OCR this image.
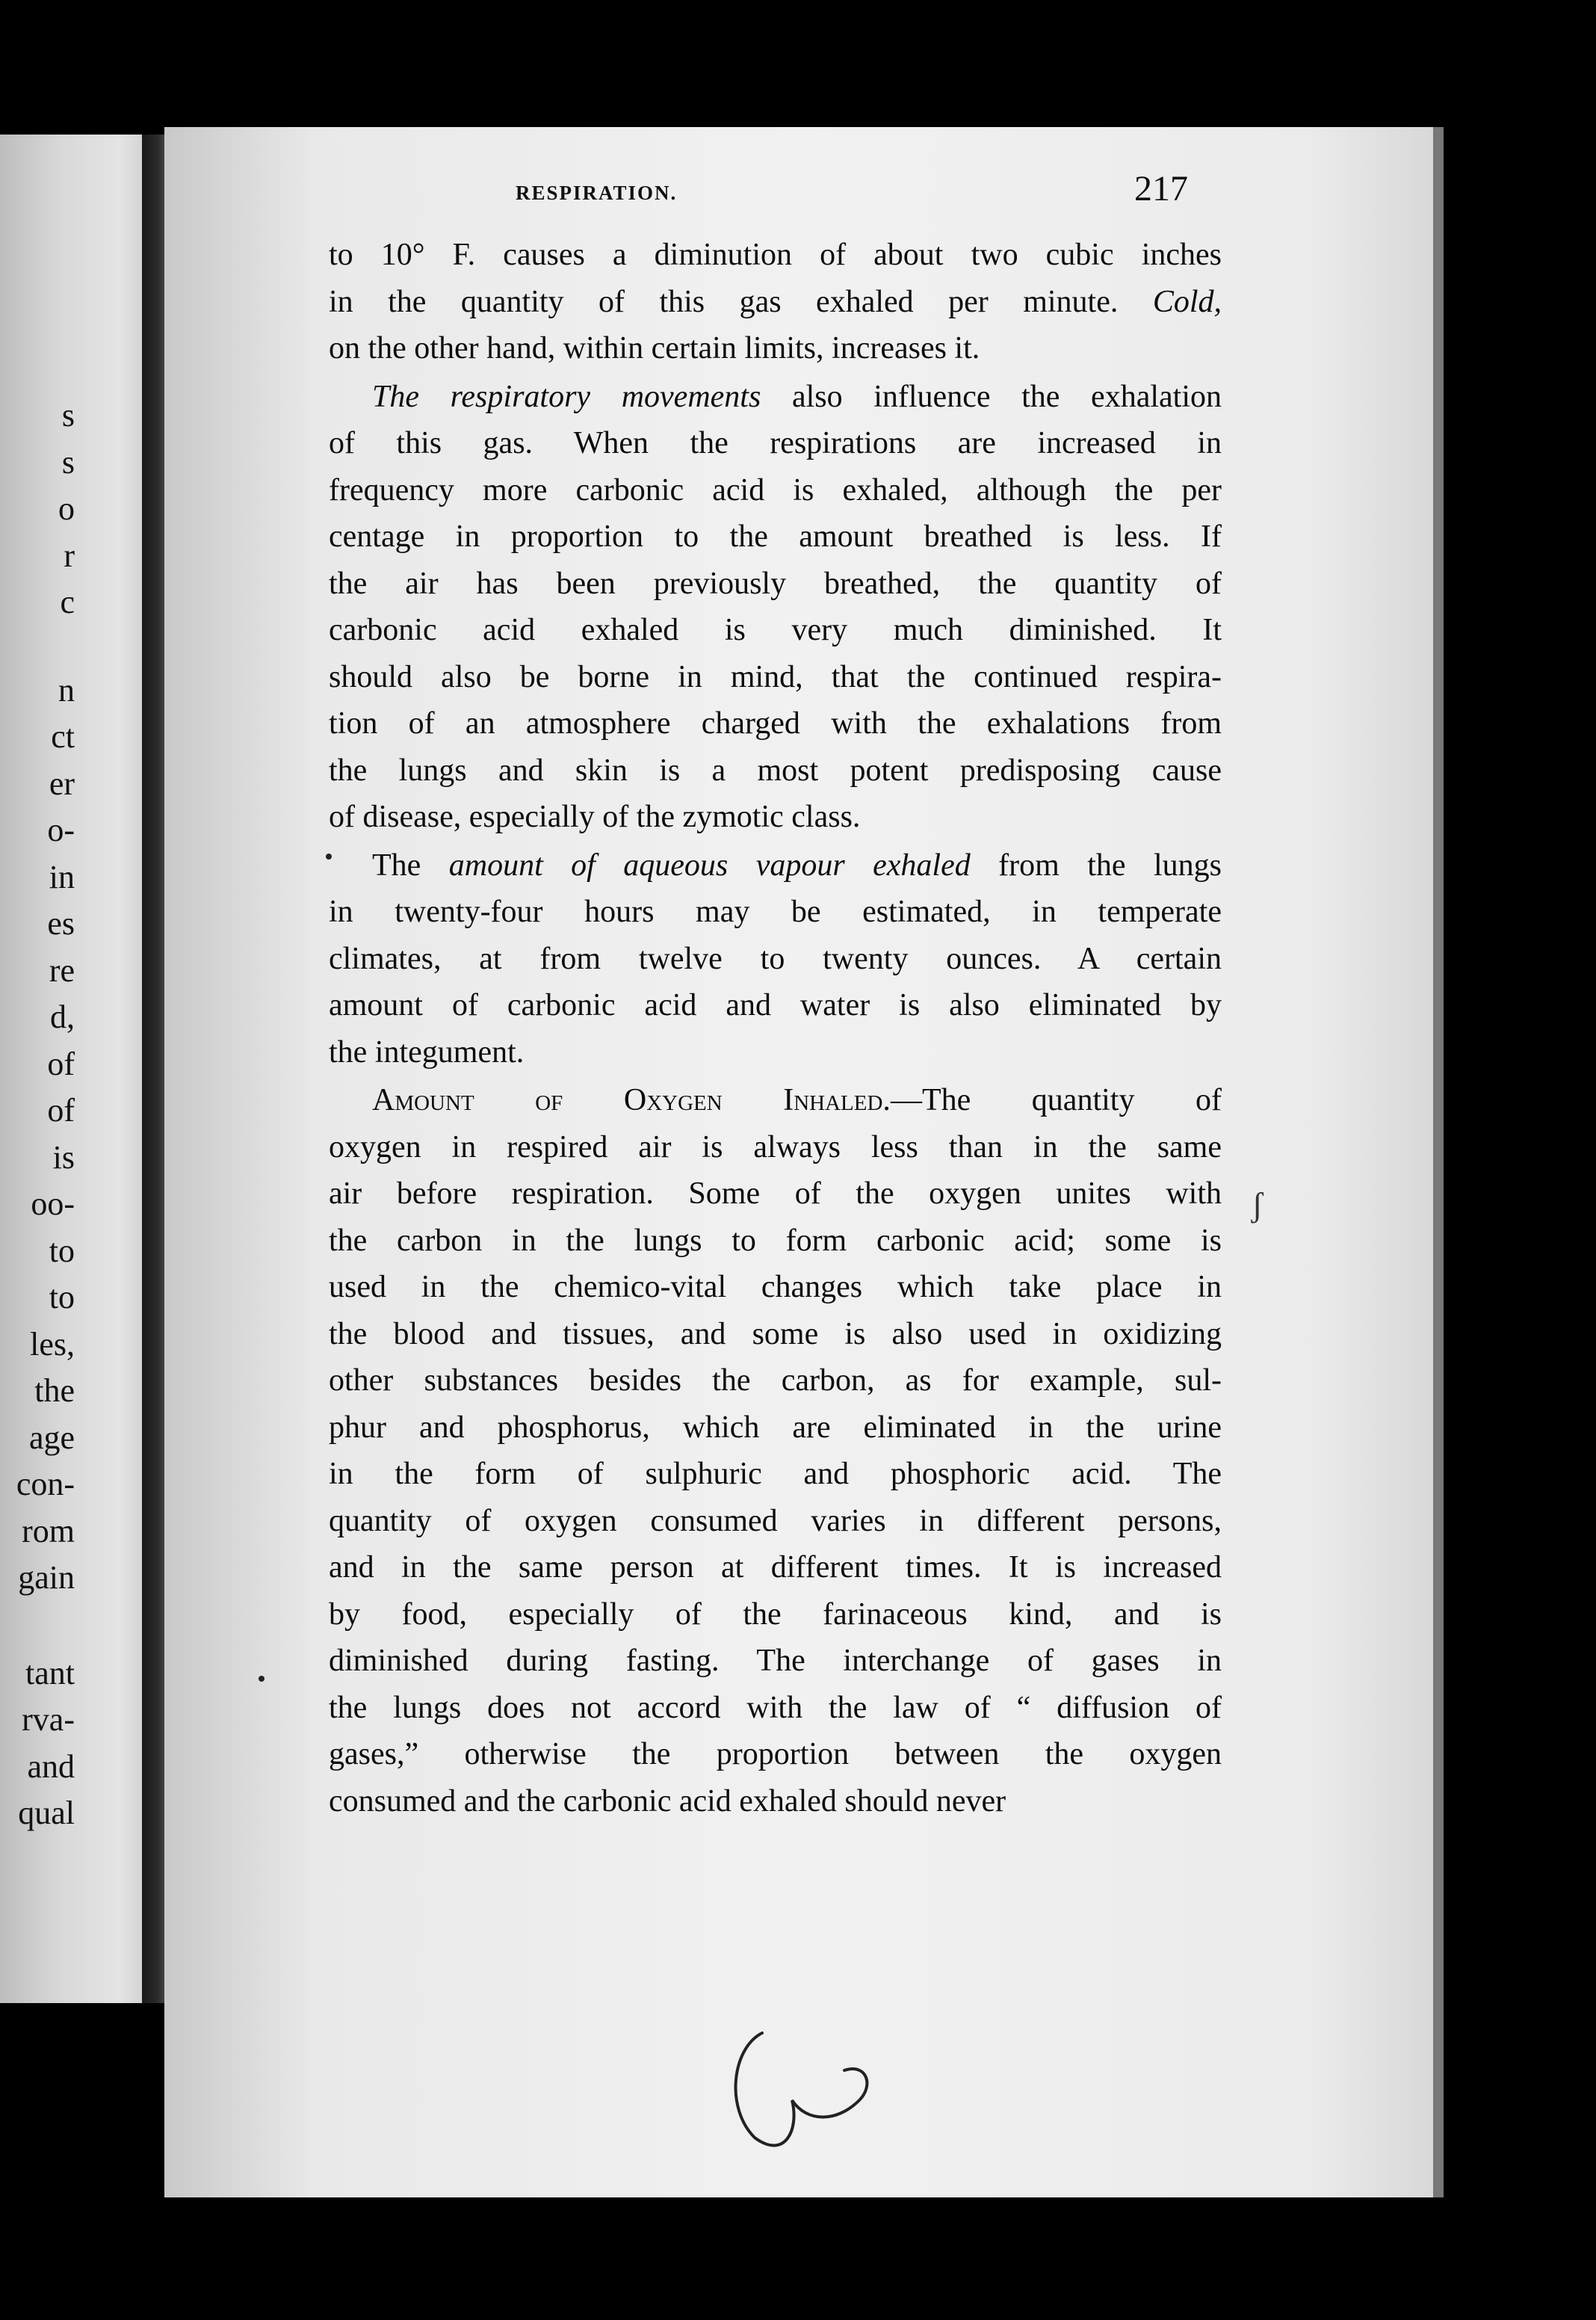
s
s
o
r
c
n
ct
er
o-
in
es
re
d,
of
of
is
oo-
to
to
les,
the
age
con-
rom
gain
tant
rva-
and
qual
RESPIRATION.	217
to 10° F. causes a diminution of about two cubic inches
in the quantity of this gas exhaled per minute. Cold,
on the other hand, within certain limits, increases it.
The respiratory movements also influence the exhalation
of this gas. When the respirations are increased in
frequency more carbonic acid is exhaled, although the per
centage in proportion to the amount breathed is less. If
the air has been previously breathed, the quantity of
carbonic acid exhaled is very much diminished. It
should also be borne in mind, that the continued respira-
tion of an atmosphere charged with the exhalations from
the lungs and skin is a most potent predisposing cause
of disease, especially of the zymotic class.
The amount of aqueous vapour exhaled from the lungs
in twenty-four hours may be estimated, in temperate
climates, at from twelve to twenty ounces. A certain
amount of carbonic acid and water is also eliminated by
the integument.
Amount of Oxygen Inhaled.—The quantity of
oxygen in respired air is always less than in the same
air before respiration. Some of the oxygen unites with
the carbon in the lungs to form carbonic acid; some is
used in the chemico-vital changes which take place in
the blood and tissues, and some is also used in oxidizing
other substances besides the carbon, as for example, sul-
phur and phosphorus, which are eliminated in the urine
in the form of sulphuric and phosphoric acid. The
quantity of oxygen consumed varies in different persons,
and in the same person at different times. It is increased
by food, especially of the farinaceous kind, and is
diminished during fasting. The interchange of gases in
the lungs does not accord with the law of “ diffusion of
gases,” otherwise the proportion between the oxygen
consumed and the carbonic acid exhaled should never
ʃ
